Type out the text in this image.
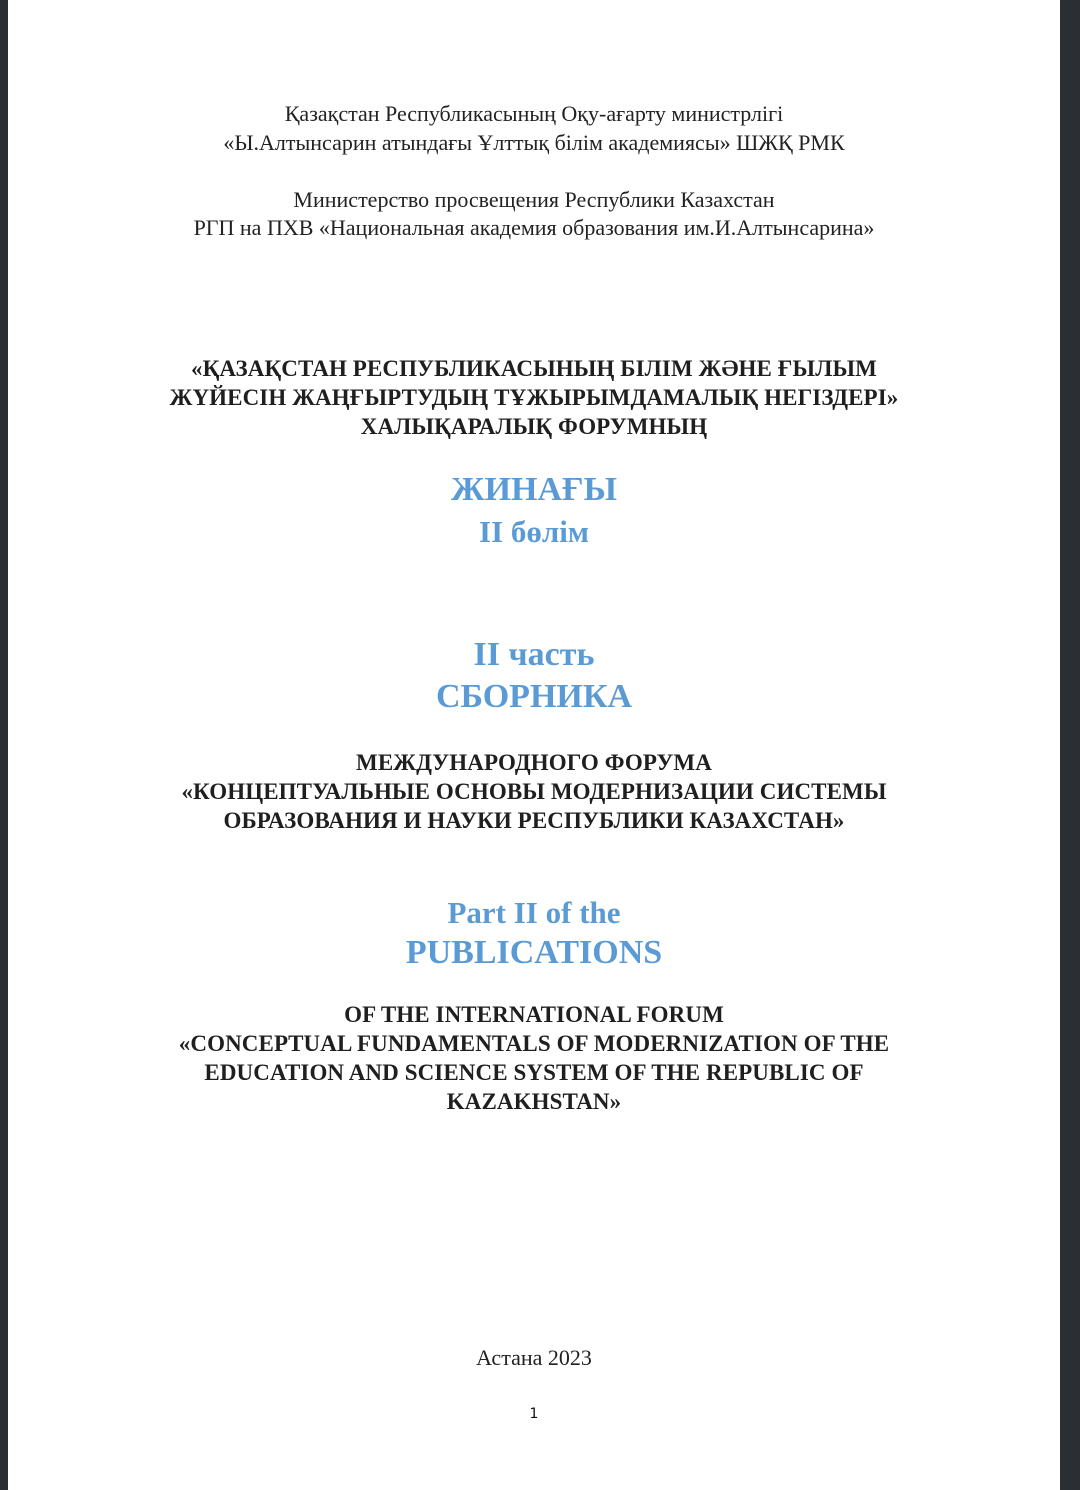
Қазақстан Республикасының Оқу-ағарту министрлігі
«Ы.Алтынсарин атындағы Ұлттық білім академиясы» ШЖҚ РМК
Министерство просвещения Республики Казахстан
РГП на ПХВ «Национальная академия образования им.И.Алтынсарина»
«ҚАЗАҚСТАН РЕСПУБЛИКАСЫНЫҢ БІЛІМ ЖӘНЕ ҒЫЛЫМ
ЖҮЙЕСІН ЖАҢҒЫРТУДЫҢ ТҰЖЫРЫМДАМАЛЫҚ НЕГІЗДЕРІ»
ХАЛЫҚАРАЛЫҚ ФОРУМНЫҢ
ЖИНАҒЫ
II бөлім
II часть
СБОРНИКА
МЕЖДУНАРОДНОГО ФОРУМА
«КОНЦЕПТУАЛЬНЫЕ ОСНОВЫ МОДЕРНИЗАЦИИ СИСТЕМЫ
ОБРАЗОВАНИЯ И НАУКИ РЕСПУБЛИКИ КАЗАХСТАН»
Part II of the
PUBLICATIONS
OF THE INTERNATIONAL FORUM
«CONCEPTUAL FUNDAMENTALS OF MODERNIZATION OF THE
EDUCATION AND SCIENCE SYSTEM OF THE REPUBLIC OF
KAZAKHSTAN»
Астана 2023
1
